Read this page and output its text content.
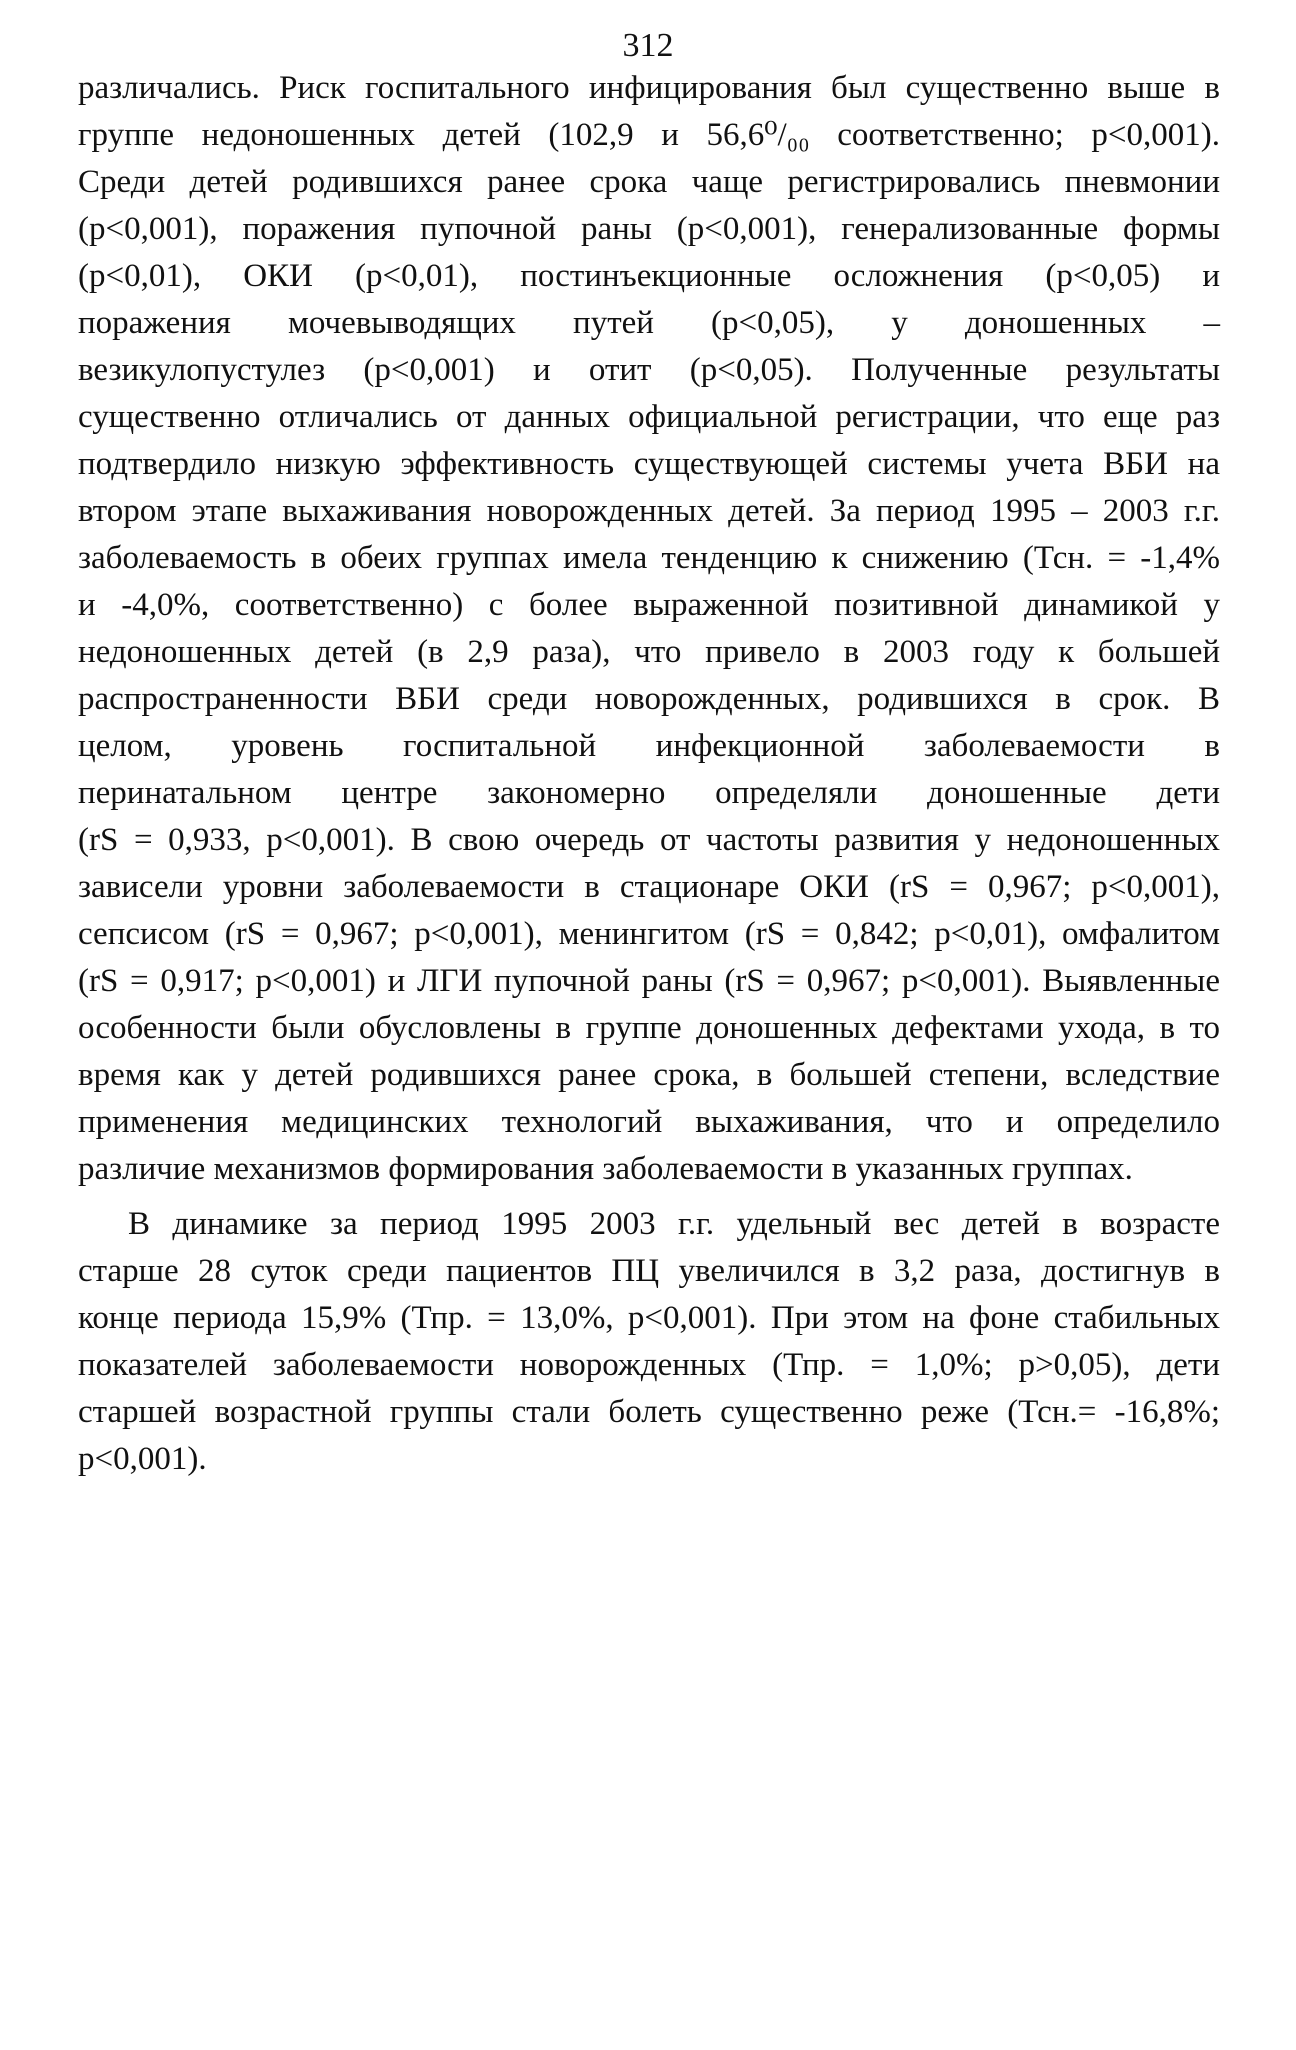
312
различались. Риск госпитального инфицирования был существенно выше в
группе недоношенных детей (102,9 и 56,6⁰/₀₀ соответственно; р<0,001).
Среди детей родившихся ранее срока чаще регистрировались пневмонии
(р<0,001), поражения пупочной раны (р<0,001), генерализованные формы
(р<0,01), ОКИ (р<0,01), постинъекционные осложнения (р<0,05) и
поражения мочевыводящих путей (р<0,05), у доношенных –
везикулопустулез (р<0,001) и отит (р<0,05). Полученные результаты
существенно отличались от данных официальной регистрации, что еще раз
подтвердило низкую эффективность существующей системы учета ВБИ на
втором этапе выхаживания новорожденных детей. За период 1995 – 2003 г.г.
заболеваемость в обеих группах имела тенденцию к снижению (Тсн. = -1,4%
и -4,0%, соответственно) с более выраженной позитивной динамикой у
недоношенных детей (в 2,9 раза), что привело в 2003 году к большей
распространенности ВБИ среди новорожденных, родившихся в срок. В
целом, уровень госпитальной инфекционной заболеваемости в
перинатальном центре закономерно определяли доношенные дети
(rS = 0,933, р<0,001). В свою очередь от частоты развития у недоношенных
зависели уровни заболеваемости в стационаре ОКИ (rS = 0,967; р<0,001),
сепсисом (rS = 0,967; р<0,001), менингитом (rS = 0,842; р<0,01), омфалитом
(rS = 0,917; р<0,001) и ЛГИ пупочной раны (rS = 0,967; р<0,001). Выявленные
особенности были обусловлены в группе доношенных дефектами ухода, в то
время как у детей родившихся ранее срока, в большей степени, вследствие
применения медицинских технологий выхаживания, что и определило
различие механизмов формирования заболеваемости в указанных группах.
В динамике за период 1995 2003 г.г. удельный вес детей в возрасте
старше 28 суток среди пациентов ПЦ увеличился в 3,2 раза, достигнув в
конце периода 15,9% (Тпр. = 13,0%, р<0,001). При этом на фоне стабильных
показателей заболеваемости новорожденных (Тпр. = 1,0%; р>0,05), дети
старшей возрастной группы стали болеть существенно реже (Тсн.= -16,8%;
р<0,001).
